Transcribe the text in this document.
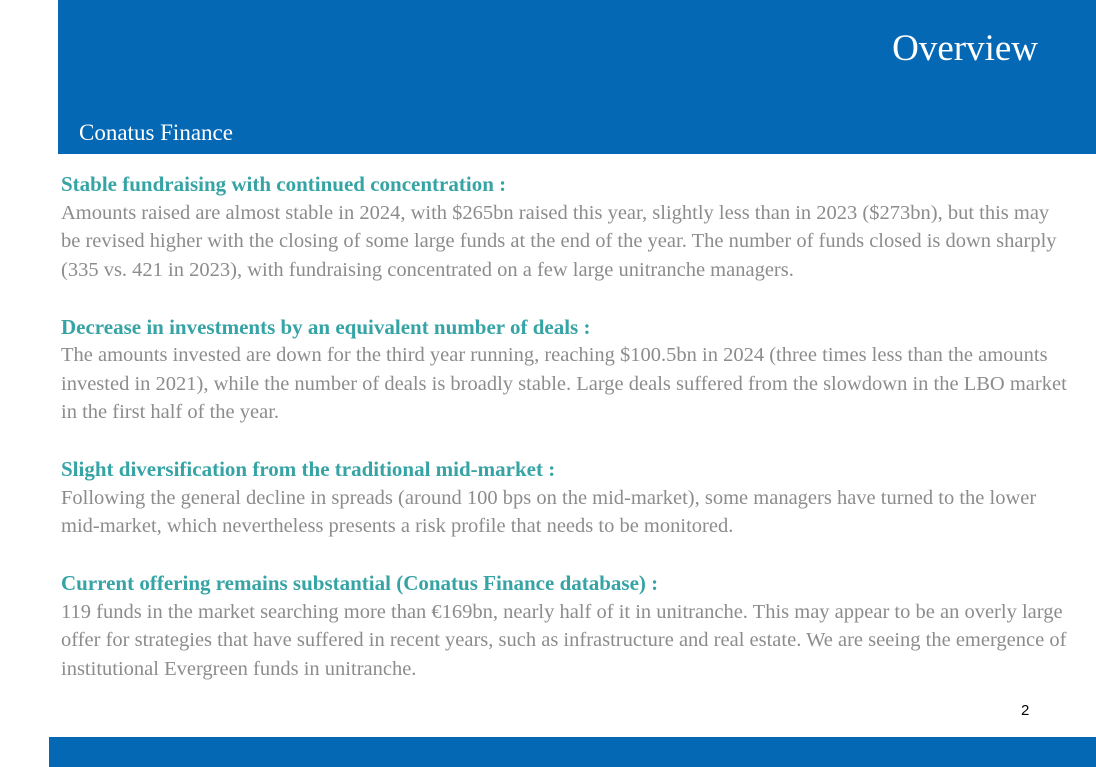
Overview
Conatus Finance

Stable fundraising with continued concentration :

Amounts raised are almost stable in 2024, with $265bn raised this year, slightly less than in 2023 ($273bn), but this may be revised higher with the closing of some large funds at the end of the year. The number of funds closed is down sharply (335 vs. 421 in 2023), with fundraising concentrated on a few large unitranche managers.

Decrease in investments by an equivalent number of deals :

The amounts invested are down for the third year running, reaching $100.5bn in 2024 (three times less than the amounts invested in 2021), while the number of deals is broadly stable. Large deals suffered from the slowdown in the LBO market in the first half of the year.

Slight diversification from the traditional mid-market :

Following the general decline in spreads (around 100 bps on the mid-market), some managers have turned to the lower mid-market, which nevertheless presents a risk profile that needs to be monitored.

Current offering remains substantial (Conatus Finance database) :

119 funds in the market searching more than €169bn, nearly half of it in unitranche. This may appear to be an overly large offer for strategies that have suffered in recent years, such as infrastructure and real estate. We are seeing the emergence of institutional Evergreen funds in unitranche.

2
